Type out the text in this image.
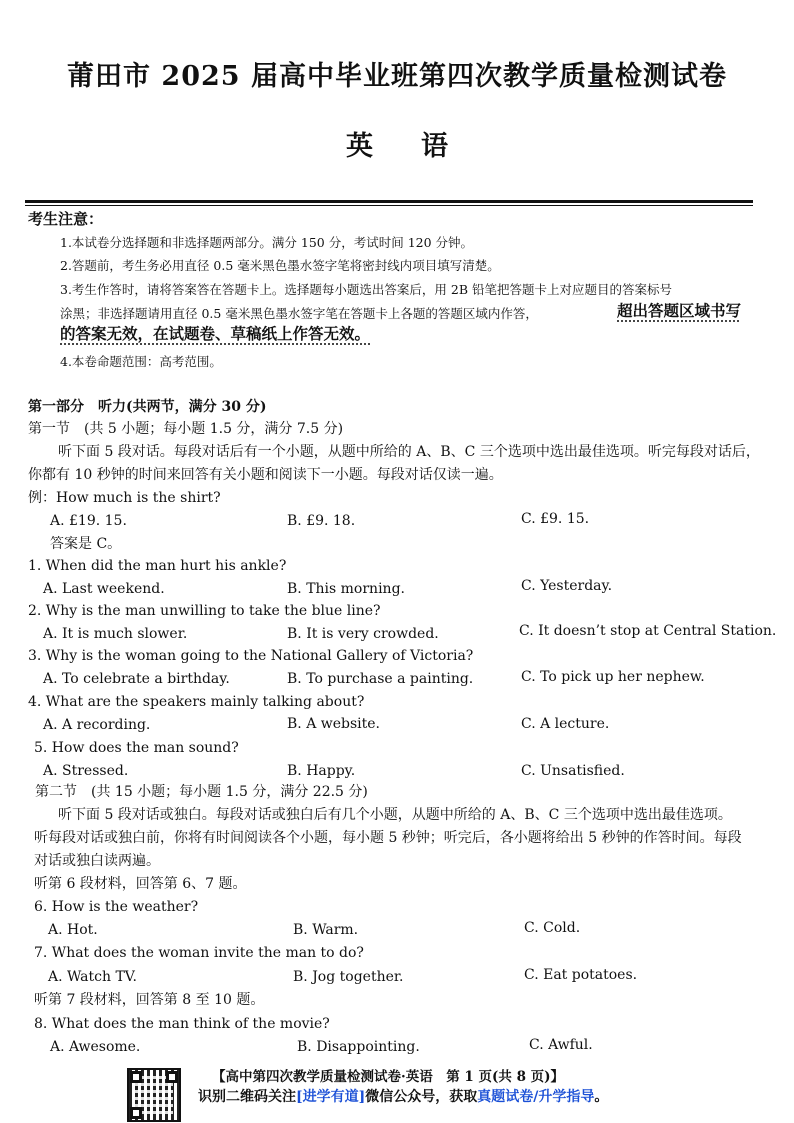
莆田市 2025 届高中毕业班第四次教学质量检测试卷
英语
考生注意：
1.本试卷分选择题和非选择题两部分。满分 150 分，考试时间 120 分钟。
2.答题前，考生务必用直径 0.5 毫米黑色墨水签字笔将密封线内项目填写清楚。
3.考生作答时，请将答案答在答题卡上。选择题每小题选出答案后，用 2B 铅笔把答题卡上对应题目的答案标号
涂黑；非选择题请用直径 0.5 毫米黑色墨水签字笔在答题卡上各题的答题区域内作答，	超出答题区域书写
的答案无效，在试题卷、草稿纸上作答无效。
4.本卷命题范围：高考范围。
第一部分　听力(共两节，满分 30 分)
第一节　(共 5 小题；每小题 1.5 分，满分 7.5 分)
听下面 5 段对话。每段对话后有一个小题，从题中所给的 A、B、C 三个选项中选出最佳选项。听完每段对话后，
你都有 10 秒钟的时间来回答有关小题和阅读下一小题。每段对话仅读一遍。
例：How much is the shirt?
A. £19. 15.	B. £9. 18.	C. £9. 15.
答案是 C。
1. When did the man hurt his ankle?
A. Last weekend.	B. This morning.	C. Yesterday.
2. Why is the man unwilling to take the blue line?
A. It is much slower.	B. It is very crowded.	C. It doesn’t stop at Central Station.
3. Why is the woman going to the National Gallery of Victoria?
A. To celebrate a birthday.	B. To purchase a painting.	C. To pick up her nephew.
4. What are the speakers mainly talking about?
A. A recording.	B. A website.	C. A lecture.
5. How does the man sound?
A. Stressed.	B. Happy.	C. Unsatisfied.
第二节　(共 15 小题；每小题 1.5 分，满分 22.5 分)
听下面 5 段对话或独白。每段对话或独白后有几个小题，从题中所给的 A、B、C 三个选项中选出最佳选项。
听每段对话或独白前，你将有时间阅读各个小题，每小题 5 秒钟；听完后，各小题将给出 5 秒钟的作答时间。每段
对话或独白读两遍。
听第 6 段材料，回答第 6、7 题。
6. How is the weather?
A. Hot.	B. Warm.	C. Cold.
7. What does the woman invite the man to do?
A. Watch TV.	B. Jog together.	C. Eat potatoes.
听第 7 段材料，回答第 8 至 10 题。
8. What does the man think of the movie?
A. Awesome.	B. Disappointing.	C. Awful.
【高中第四次教学质量检测试卷·英语　第 1 页(共 8 页)】
识别二维码关注[进学有道]微信公众号，获取真题试卷/升学指导。
